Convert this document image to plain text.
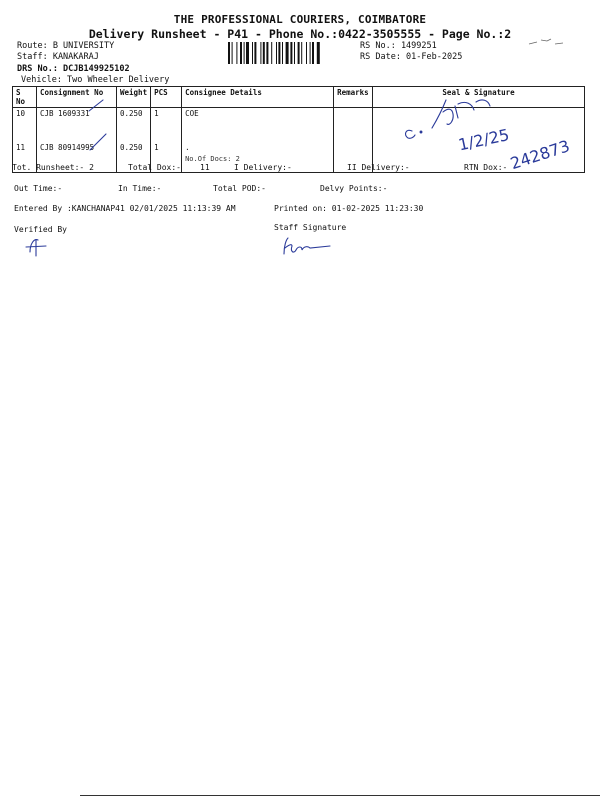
THE PROFESSIONAL COURIERS, COIMBATORE
Delivery Runsheet - P41 - Phone No.:0422-3505555 - Page No.:2
Route: B UNIVERSITY
Staff: KANAKARAJ
DRS No.: DCJB149925102
Vehicle: Two Wheeler Delivery
RS No.: 1499251
RS Date: 01-Feb-2025
S No	Consignment No	Weight	PCS	Consignee Details	Remarks	Seal & Signature
10	CJB 1609331	0.250	1	COE		
11	CJB 80914995	0.250	1	.
No.Of Docs: 2		

1/2/25
242873
Tot. Runsheet:- 2	Total Dox:- 11	I Delivery:-	II Delivery:-	RTN Dox:-
Out Time:-	In Time:-	Total POD:-	Delvy Points:-
Entered By :KANCHANAP41 02/01/2025 11:13:39 AM	Printed on: 01-02-2025 11:23:30
Verified By	Staff Signature
